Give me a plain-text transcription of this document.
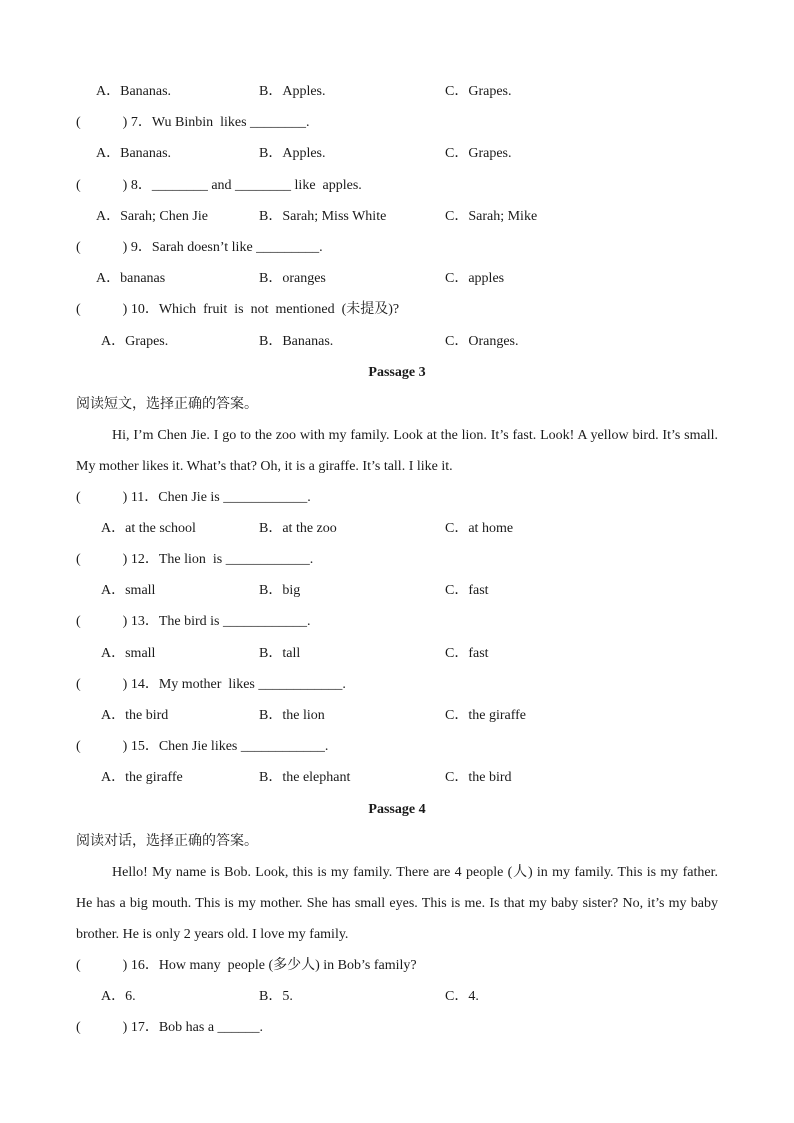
A．Bananas.	B．Apples.	C．Grapes.
(　　　) 7．Wu Binbin  likes ________.
A．Bananas.	B．Apples.	C．Grapes.
(　　　) 8．________ and ________ like  apples.
A．Sarah; Chen Jie	B．Sarah; Miss White	C．Sarah; Mike
(　　　) 9．Sarah doesn’t like _________.
A．bananas	B．oranges	C．apples
(　　　) 10．Which  fruit  is  not  mentioned  (未提及)?
A．Grapes.	B．Bananas.	C．Oranges.
Passage 3
阅读短文，选择正确的答案。
Hi, I’m Chen Jie. I go to the zoo with my family. Look at the lion. It’s fast. Look! A yellow bird. It’s small. My mother likes it. What’s that? Oh, it is a giraffe. It’s tall. I like it.
(　　　) 11．Chen Jie is ____________.
A．at the school	B．at the zoo	C．at home
(　　　) 12．The lion  is ____________.
A．small	B．big	C．fast
(　　　) 13．The bird is ____________.
A．small	B．tall	C．fast
(　　　) 14．My mother  likes ____________.
A．the bird	B．the lion	C．the giraffe
(　　　) 15．Chen Jie likes ____________.
A．the giraffe	B．the elephant	C．the bird
Passage 4
阅读对话，选择正确的答案。
Hello! My name is Bob. Look, this is my family. There are 4 people (人) in my family. This is my father. He has a big mouth. This is my mother. She has small eyes. This is me. Is that my baby sister? No, it’s my baby brother. He is only 2 years old. I love my family.
(　　　) 16．How many  people (多少人) in Bob’s family?
A．6.	B．5.	C．4.
(　　　) 17．Bob has a ______.
